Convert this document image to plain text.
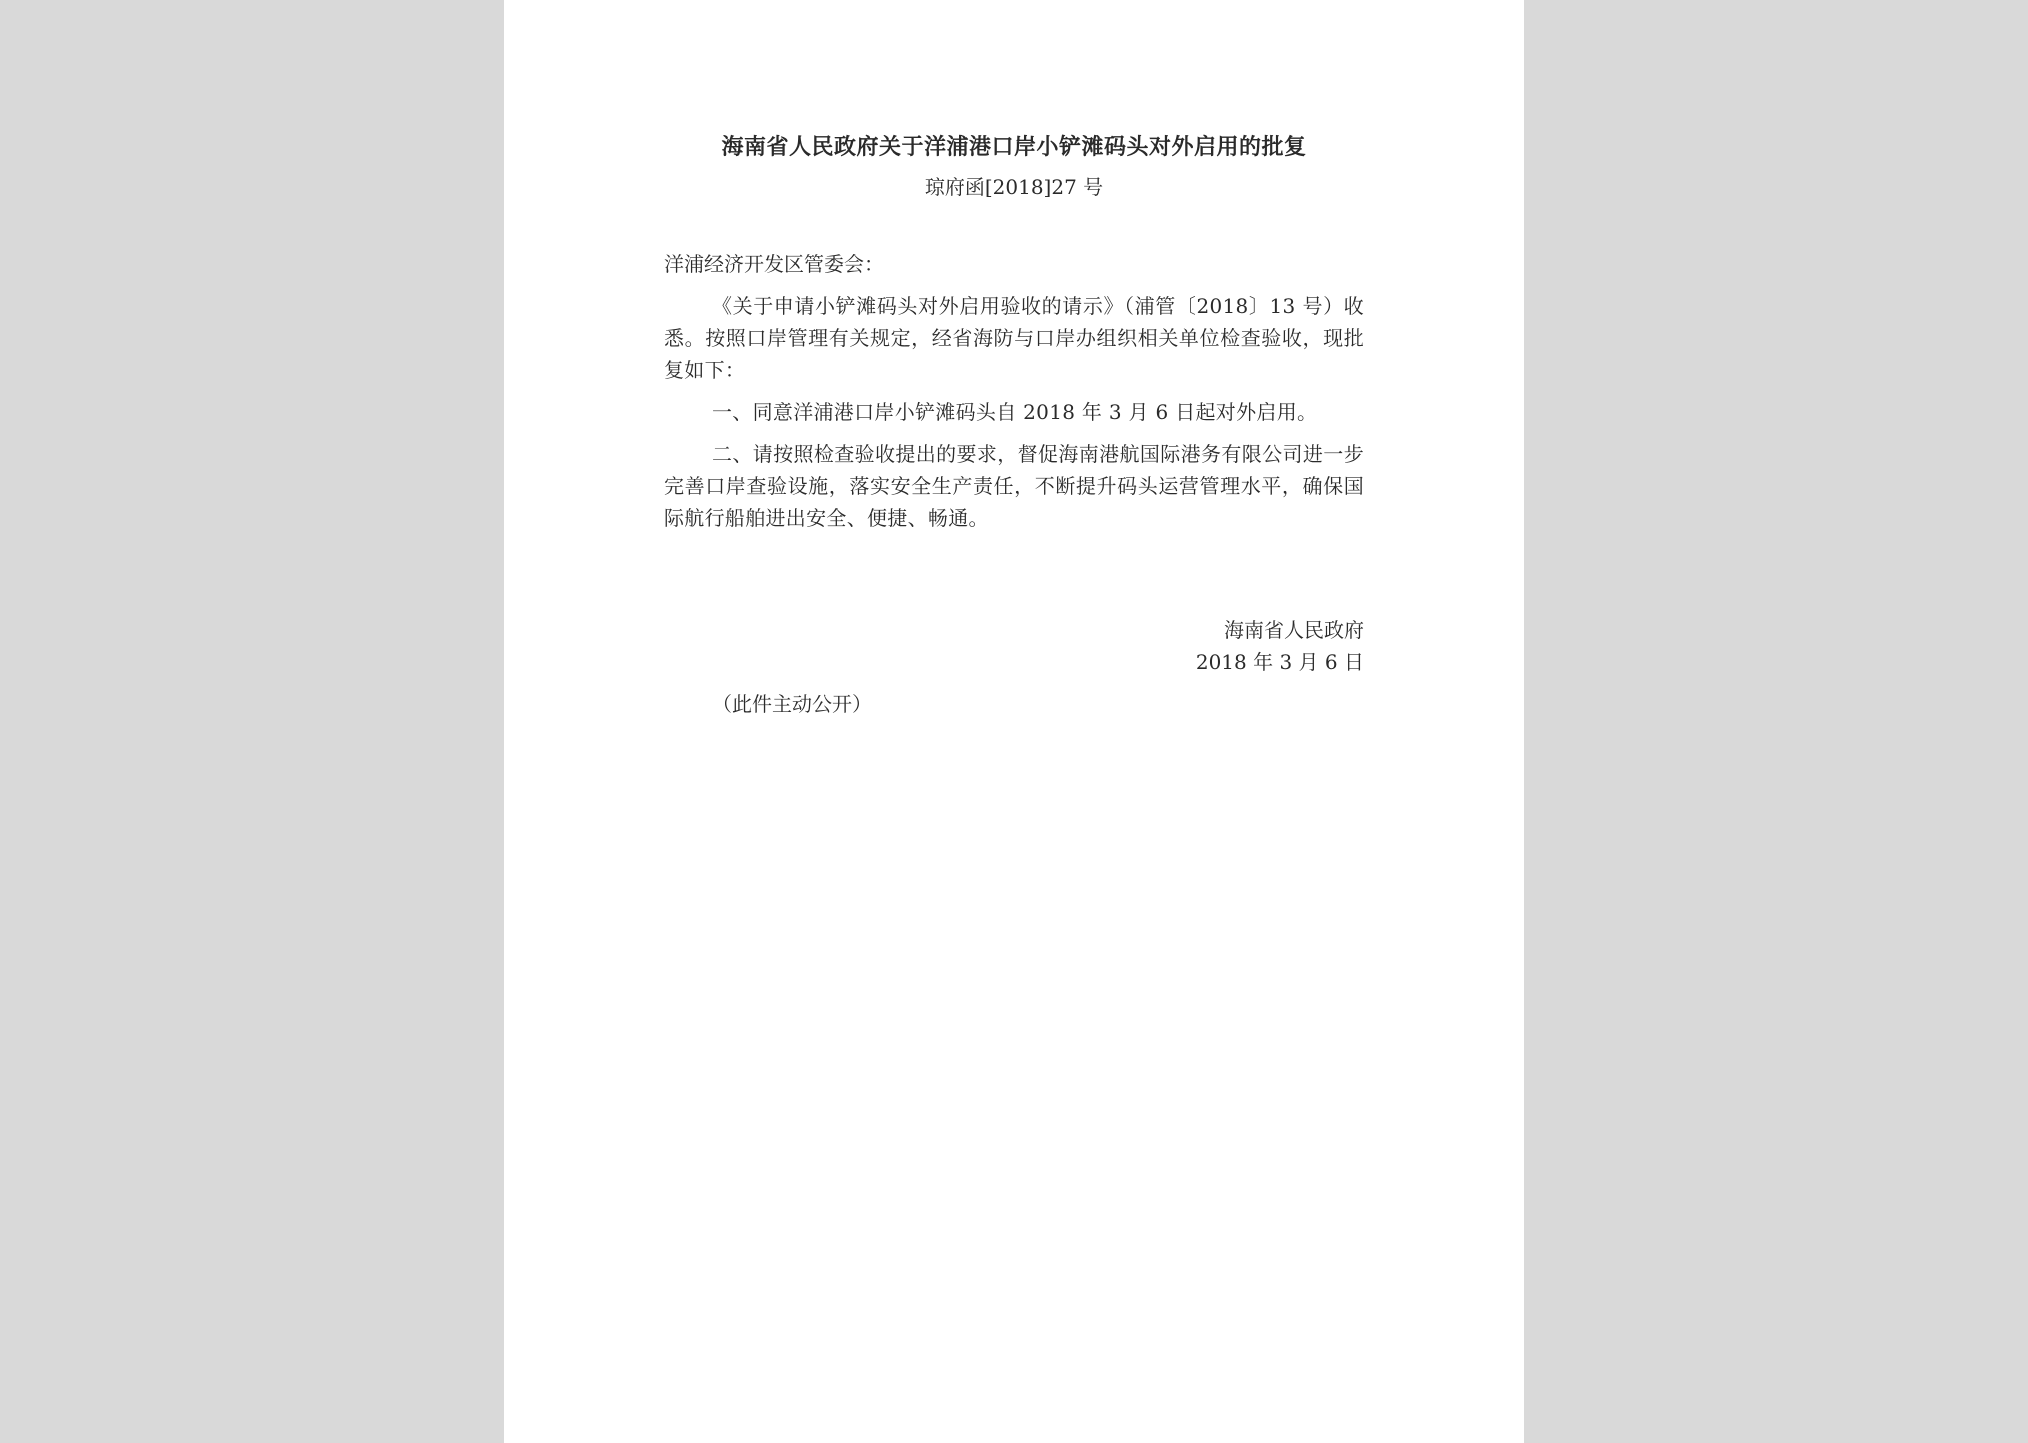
海南省人民政府关于洋浦港口岸小铲滩码头对外启用的批复

琼府函[2018]27 号

洋浦经济开发区管委会：

《关于申请小铲滩码头对外启用验收的请示》（浦管〔2018〕13 号）收悉。按照口岸管理有关规定，经省海防与口岸办组织相关单位检查验收，现批复如下：

一、同意洋浦港口岸小铲滩码头自 2018 年 3 月 6 日起对外启用。

二、请按照检查验收提出的要求，督促海南港航国际港务有限公司进一步完善口岸查验设施，落实安全生产责任，不断提升码头运营管理水平，确保国际航行船舶进出安全、便捷、畅通。

海南省人民政府
2018 年 3 月 6 日

（此件主动公开）
